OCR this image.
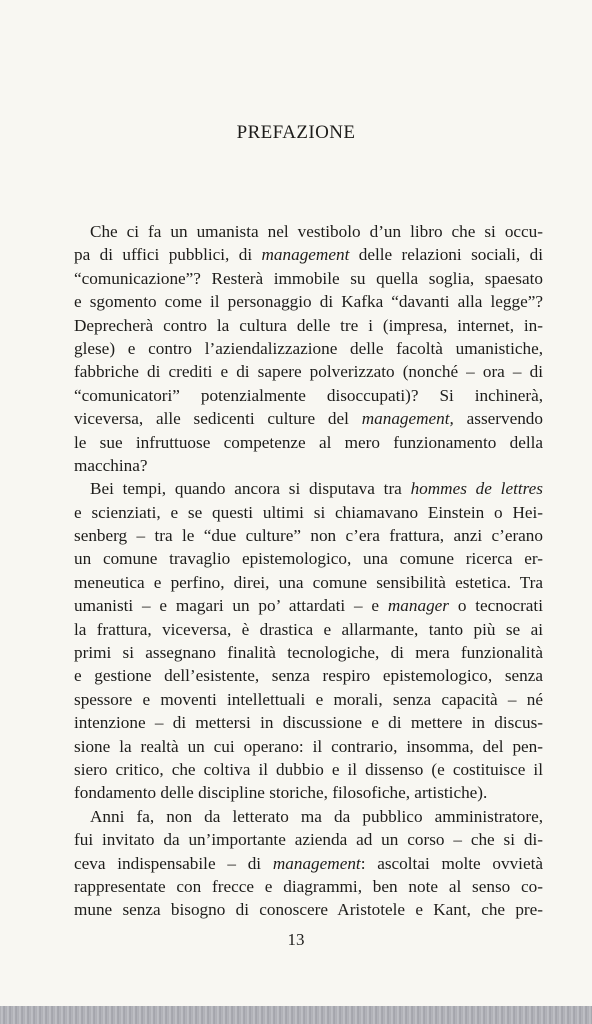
PREFAZIONE
Che ci fa un umanista nel vestibolo d’un libro che si occu-
pa di uffici pubblici, di management delle relazioni sociali, di
“comunicazione”? Resterà immobile su quella soglia, spaesato
e sgomento come il personaggio di Kafka “davanti alla legge”?
Deprecherà contro la cultura delle tre i (impresa, internet, in-
glese) e contro l’aziendalizzazione delle facoltà umanistiche,
fabbriche di crediti e di sapere polverizzato (nonché – ora – di
“comunicatori” potenzialmente disoccupati)? Si inchinerà,
viceversa, alle sedicenti culture del management, asservendo
le sue infruttuose competenze al mero funzionamento della
macchina?
Bei tempi, quando ancora si disputava tra hommes de lettres
e scienziati, e se questi ultimi si chiamavano Einstein o Hei-
senberg – tra le “due culture” non c’era frattura, anzi c’erano
un comune travaglio epistemologico, una comune ricerca er-
meneutica e perfino, direi, una comune sensibilità estetica. Tra
umanisti – e magari un po’ attardati – e manager o tecnocrati
la frattura, viceversa, è drastica e allarmante, tanto più se ai
primi si assegnano finalità tecnologiche, di mera funzionalità
e gestione dell’esistente, senza respiro epistemologico, senza
spessore e moventi intellettuali e morali, senza capacità – né
intenzione – di mettersi in discussione e di mettere in discus-
sione la realtà un cui operano: il contrario, insomma, del pen-
siero critico, che coltiva il dubbio e il dissenso (e costituisce il
fondamento delle discipline storiche, filosofiche, artistiche).
Anni fa, non da letterato ma da pubblico amministratore,
fui invitato da un’importante azienda ad un corso – che si di-
ceva indispensabile – di management: ascoltai molte ovvietà
rappresentate con frecce e diagrammi, ben note al senso co-
mune senza bisogno di conoscere Aristotele e Kant, che pre-
13
